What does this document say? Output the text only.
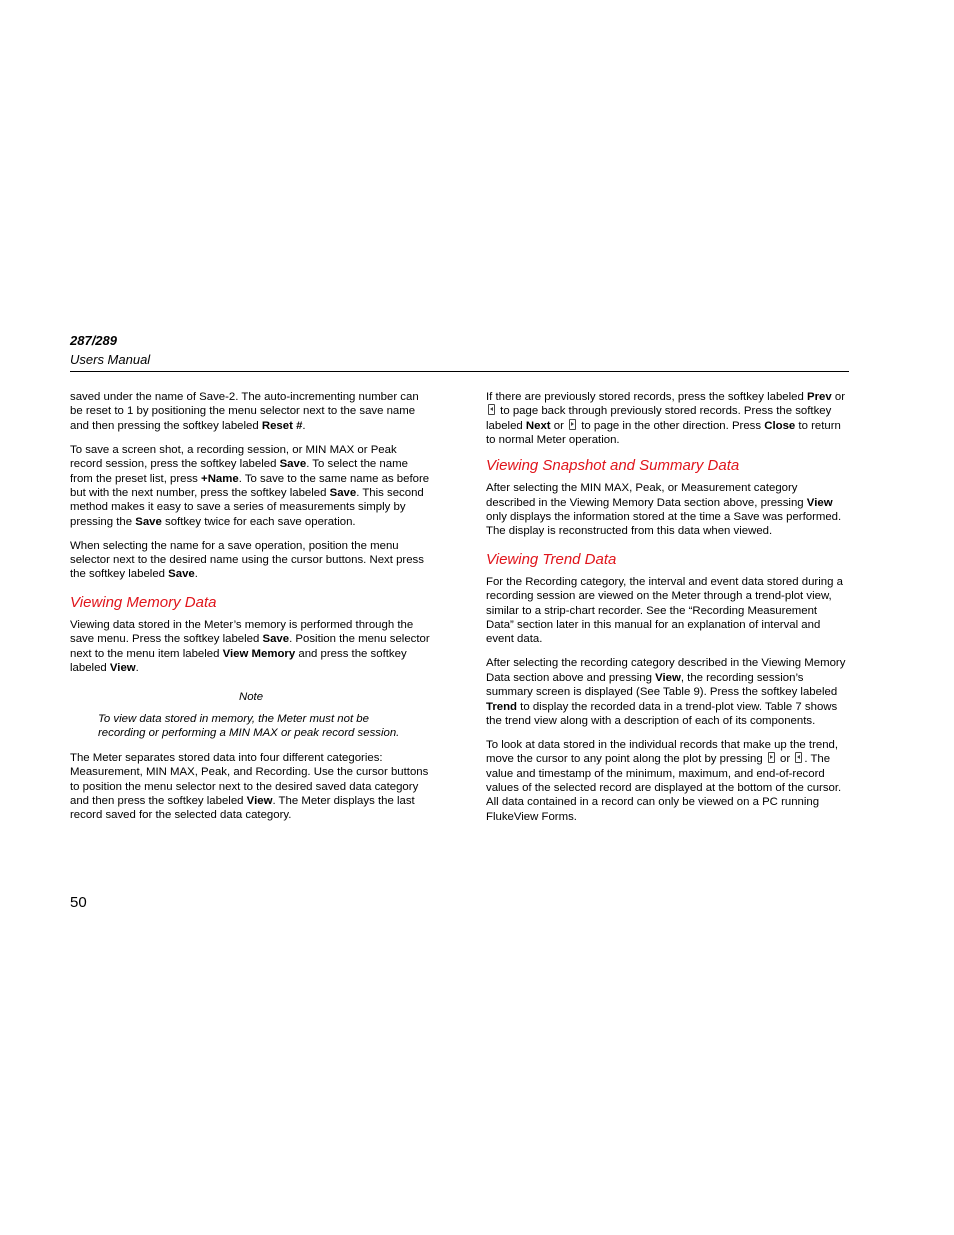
287/289
Users Manual

saved under the name of Save-2. The auto-incrementing number can be reset to 1 by positioning the menu selector next to the save name and then pressing the softkey labeled Reset #.

To save a screen shot, a recording session, or MIN MAX or Peak record session, press the softkey labeled Save. To select the name from the preset list, press +Name. To save to the same name as before but with the next number, press the softkey labeled Save. This second method makes it easy to save a series of measurements simply by pressing the Save softkey twice for each save operation.

When selecting the name for a save operation, position the menu selector next to the desired name using the cursor buttons. Next press the softkey labeled Save.

Viewing Memory Data

Viewing data stored in the Meter’s memory is performed through the save menu. Press the softkey labeled Save. Position the menu selector next to the menu item labeled View Memory and press the softkey labeled View.

Note
To view data stored in memory, the Meter must not be recording or performing a MIN MAX or peak record session.

The Meter separates stored data into four different categories: Measurement, MIN MAX, Peak, and Recording. Use the cursor buttons to position the menu selector next to the desired saved data category and then press the softkey labeled View. The Meter displays the last record saved for the selected data category.

If there are previously stored records, press the softkey labeled Prev or  to page back through previously stored records. Press the softkey labeled Next or  to page in the other direction. Press Close to return to normal Meter operation.

Viewing Snapshot and Summary Data

After selecting the MIN MAX, Peak, or Measurement category described in the Viewing Memory Data section above, pressing View only displays the information stored at the time a Save was performed. The display is reconstructed from this data when viewed.

Viewing Trend Data

For the Recording category, the interval and event data stored during a recording session are viewed on the Meter through a trend-plot view, similar to a strip-chart recorder. See the “Recording Measurement Data” section later in this manual for an explanation of interval and event data.

After selecting the recording category described in the Viewing Memory Data section above and pressing View, the recording session’s summary screen is displayed (See Table 9). Press the softkey labeled Trend to display the recorded data in a trend-plot view. Table 7 shows the trend view along with a description of each of its components.

To look at data stored in the individual records that make up the trend, move the cursor to any point along the plot by pressing  or . The value and timestamp of the minimum, maximum, and end-of-record values of the selected record are displayed at the bottom of the cursor. All data contained in a record can only be viewed on a PC running FlukeView Forms.

50
